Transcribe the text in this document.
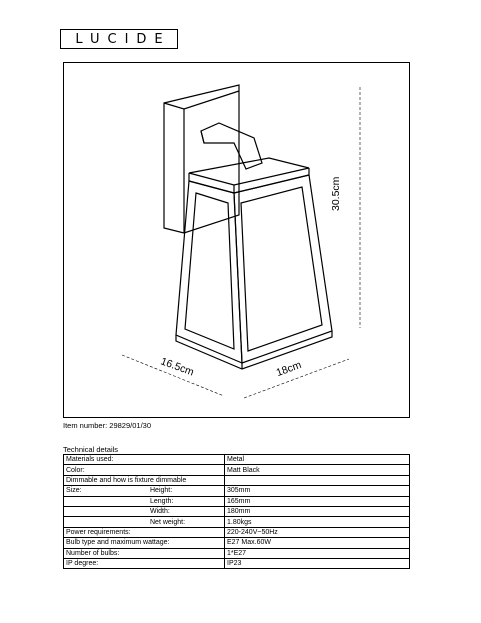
LUCIDE
30.5cm
16.5cm	18cm
Item number: 29829/01/30
Technical details
Materials used:	Metal
Color:	Matt Black
Dimmable and how is fixture dimmable	
Size: Height:	305mm
Length:	165mm
Width:	180mm
Net weight:	1.80kgs
Power requirements:	220-240V~50Hz
Bulb type and maximum wattage:	E27 Max.60W
Number of bulbs:	1*E27
IP degree:	IP23
